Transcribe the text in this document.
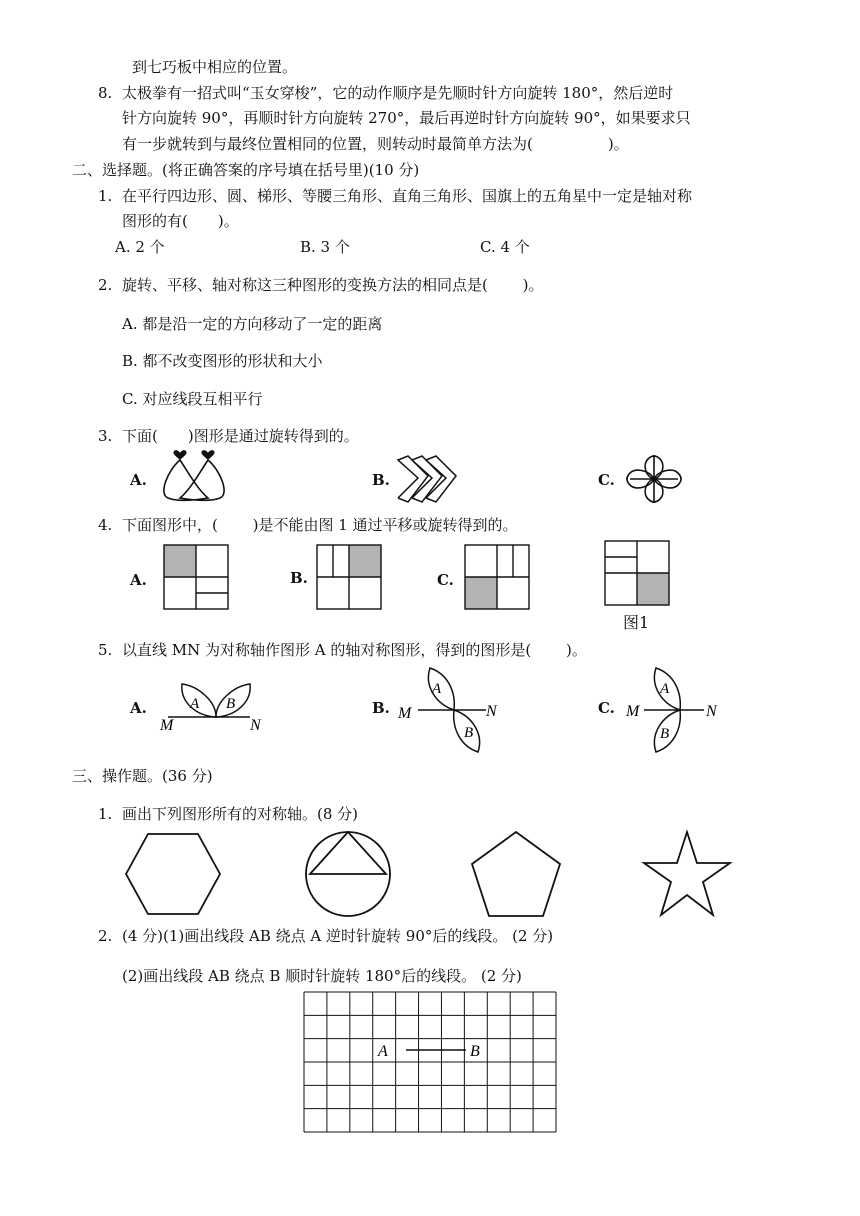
到七巧板中相应的位置。
8. 太极拳有一招式叫“玉女穿梭”，它的动作顺序是先顺时针方向旋转 180°，然后逆时
针方向旋转 90°，再顺时针方向旋转 270°，最后再逆时针方向旋转 90°，如果要求只
有一步就转到与最终位置相同的位置，则转动时最简单方法为(　　　　　)。
二、选择题。(将正确答案的序号填在括号里)(10 分)
1. 在平行四边形、圆、梯形、等腰三角形、直角三角形、国旗上的五角星中一定是轴对称
图形的有(　　)。
A. 2 个	B. 3 个	C. 4 个
2. 旋转、平移、轴对称这三种图形的变换方法的相同点是(　　 )。
A. 都是沿一定的方向移动了一定的距离
B. 都不改变图形的形状和大小
C. 对应线段互相平行
3. 下面(　　)图形是通过旋转得到的。
A.	B.	C.
4. 下面图形中，(　　 )是不能由图 1 通过平移或旋转得到的。
A.	B.	C.
图1
5. 以直线 MN 为对称轴作图形 A 的轴对称图形，得到的图形是(　　 )。
A.	B.	C.
A B
M	N
A
B
M	N
A
B
M	N
三、操作题。(36 分)
1. 画出下列图形所有的对称轴。(8 分)
2. (4 分)(1)画出线段 AB 绕点 A 逆时针旋转 90°后的线段。 (2 分)
(2)画出线段 AB 绕点 B 顺时针旋转 180°后的线段。 (2 分)
A	B
